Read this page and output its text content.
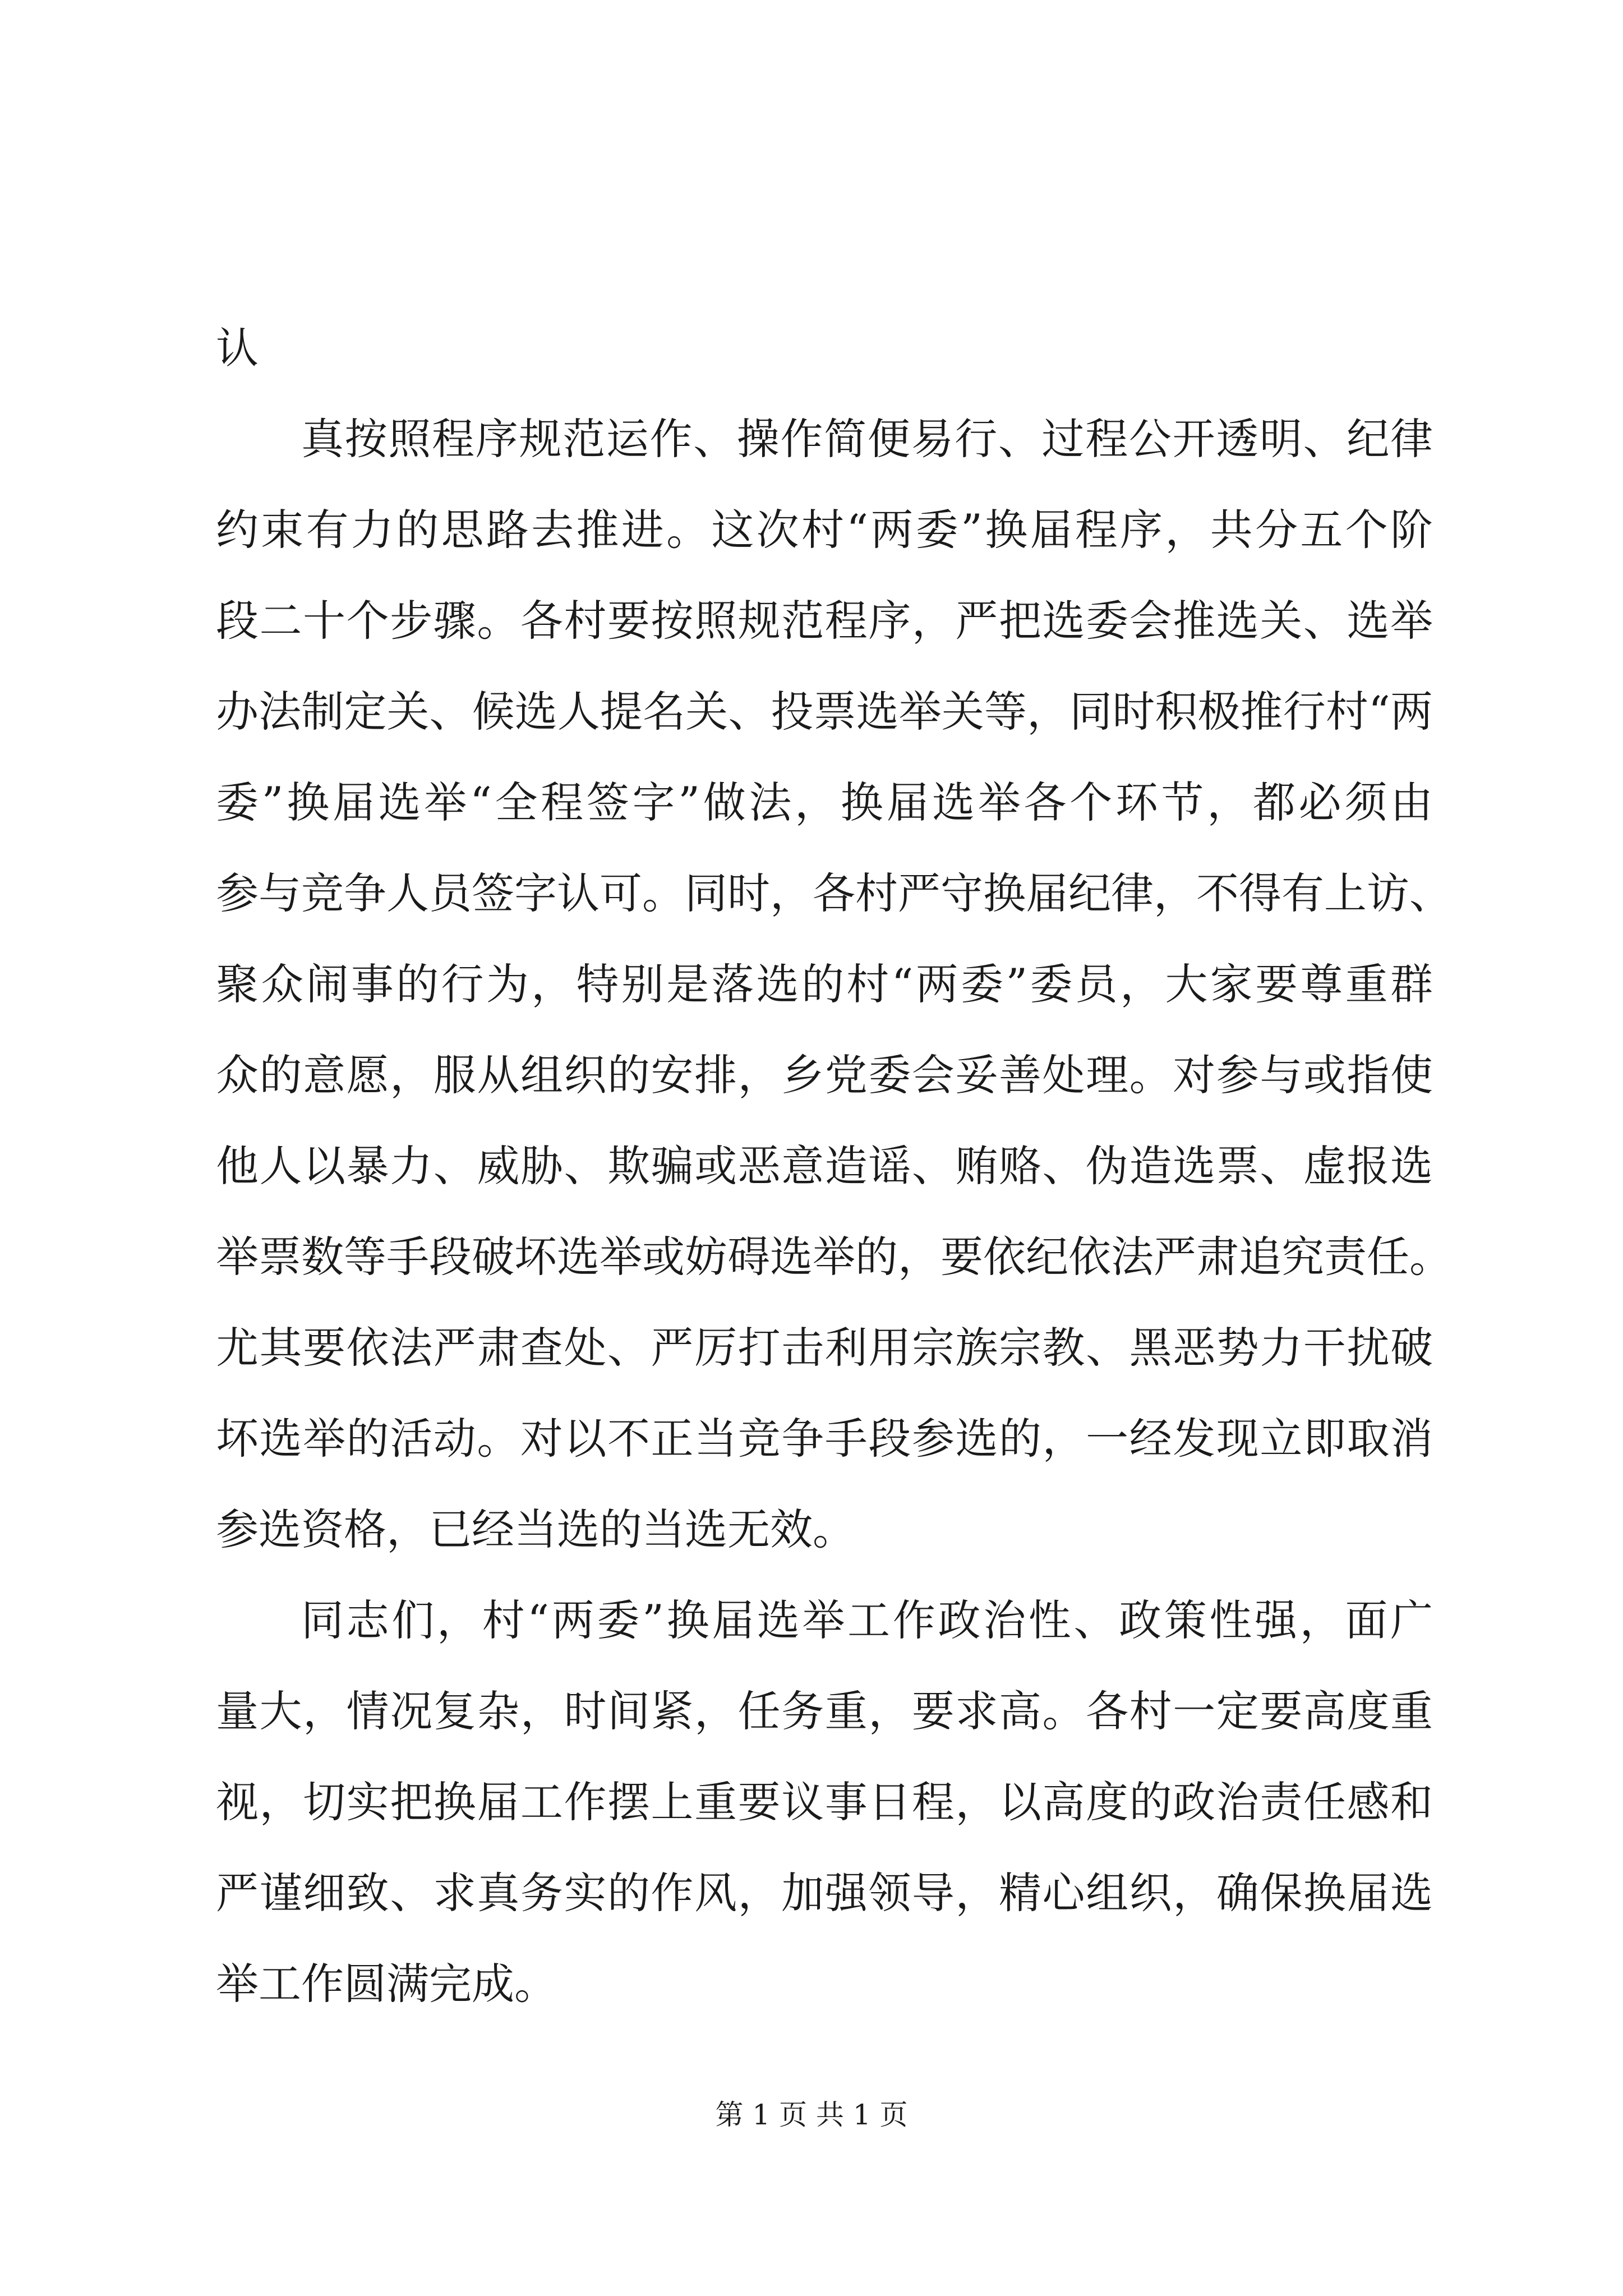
认
真按照程序规范运作、操作简便易行、过程公开透明、纪律
约束有力的思路去推进。这次村“两委”换届程序，共分五个阶
段二十个步骤。各村要按照规范程序，严把选委会推选关、选举
办法制定关、候选人提名关、投票选举关等，同时积极推行村“两
委”换届选举“全程签字”做法，换届选举各个环节，都必须由
参与竞争人员签字认可。同时，各村严守换届纪律，不得有上访、
聚众闹事的行为，特别是落选的村“两委”委员，大家要尊重群
众的意愿，服从组织的安排，乡党委会妥善处理。对参与或指使
他人以暴力、威胁、欺骗或恶意造谣、贿赂、伪造选票、虚报选
举票数等手段破坏选举或妨碍选举的，要依纪依法严肃追究责任。
尤其要依法严肃查处、严厉打击利用宗族宗教、黑恶势力干扰破
坏选举的活动。对以不正当竞争手段参选的，一经发现立即取消
参选资格，已经当选的当选无效。
同志们，村“两委”换届选举工作政治性、政策性强，面广
量大，情况复杂，时间紧，任务重，要求高。各村一定要高度重
视，切实把换届工作摆上重要议事日程，以高度的政治责任感和
严谨细致、求真务实的作风，加强领导，精心组织，确保换届选
举工作圆满完成。
第 1 页 共 1 页
